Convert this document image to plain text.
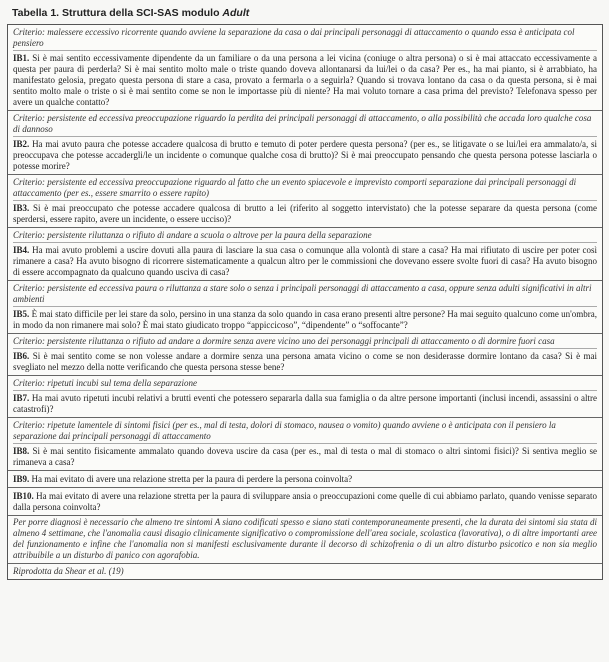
Tabella 1. Struttura della SCI-SAS modulo Adult
Criterio: malessere eccessivo ricorrente quando avviene la separazione da casa o dai principali personaggi di attaccamento o quando essa è anticipata col pensiero
IB1. Si è mai sentito eccessivamente dipendente da un familiare o da una persona a lei vicina (coniuge o altra persona) o si è mai attaccato eccessivamente a questa per paura di perderla? Si è mai sentito molto male o triste quando doveva allontanarsi da lui/lei o da casa? Per es., ha mai pianto, si è arrabbiato, ha manifestato gelosia, pregato questa persona di stare a casa, provato a fermarla o a seguirla? Quando si trovava lontano da casa o da questa persona, si è mai sentito molto male o triste o si è mai sentito come se non le importasse più di niente? Ha mai voluto tornare a casa prima del previsto? Telefonava spesso per avere un qualche contatto?
Criterio: persistente ed eccessiva preoccupazione riguardo la perdita dei principali personaggi di attaccamento, o alla possibilità che accada loro qualche cosa di dannoso
IB2. Ha mai avuto paura che potesse accadere qualcosa di brutto e temuto di poter perdere questa persona? (per es., se litigavate o se lui/lei era ammalato/a, si preoccupava che potesse accadergli/le un incidente o comunque qualche cosa di brutto)? Si è mai preoccupato pensando che questa persona potesse lasciarla o potesse morire?
Criterio: persistente ed eccessiva preoccupazione riguardo al fatto che un evento spiacevole e imprevisto comporti separazione dai principali personaggi di attaccamento (per es., essere smarrito o essere rapito)
IB3. Si è mai preoccupato che potesse accadere qualcosa di brutto a lei (riferito al soggetto intervistato) che la potesse separare da questa persona (come sperdersi, essere rapito, avere un incidente, o essere ucciso)?
Criterio: persistente riluttanza o rifiuto di andare a scuola o altrove per la paura della separazione
IB4. Ha mai avuto problemi a uscire dovuti alla paura di lasciare la sua casa o comunque alla volontà di stare a casa? Ha mai rifiutato di uscire per poter così rimanere a casa? Ha avuto bisogno di ricorrere sistematicamente a qualcun altro per le commissioni che dovevano essere svolte fuori di casa? Ha avuto bisogno di essere accompagnato da qualcuno quando usciva di casa?
Criterio: persistente ed eccessiva paura o riluttanza a stare solo o senza i principali personaggi di attaccamento a casa, oppure senza adulti significativi in altri ambienti
IB5. È mai stato difficile per lei stare da solo, persino in una stanza da solo quando in casa erano presenti altre persone? Ha mai seguito qualcuno come un'ombra, in modo da non rimanere mai solo? È mai stato giudicato troppo “appiccicoso”, “dipendente” o “soffocante”?
Criterio: persistente riluttanza o rifiuto ad andare a dormire senza avere vicino uno dei personaggi principali di attaccamento o di dormire fuori casa
IB6. Si è mai sentito come se non volesse andare a dormire senza una persona amata vicino o come se non desiderasse dormire lontano da casa? Si è mai svegliato nel mezzo della notte verificando che questa persona stesse bene?
Criterio: ripetuti incubi sul tema della separazione
IB7. Ha mai avuto ripetuti incubi relativi a brutti eventi che potessero separarla dalla sua famiglia o da altre persone importanti (inclusi incendi, assassini o altre catastrofi)?
Criterio: ripetute lamentele di sintomi fisici (per es., mal di testa, dolori di stomaco, nausea o vomito) quando avviene o è anticipata con il pensiero la separazione dai principali personaggi di attaccamento
IB8. Si è mai sentito fisicamente ammalato quando doveva uscire da casa (per es., mal di testa o mal di stomaco o altri sintomi fisici)? Si sentiva meglio se rimaneva a casa?
IB9. Ha mai evitato di avere una relazione stretta per la paura di perdere la persona coinvolta?
IB10. Ha mai evitato di avere una relazione stretta per la paura di sviluppare ansia o preoccupazioni come quelle di cui abbiamo parlato, quando venisse separato dalla persona coinvolta?
Per porre diagnosi è necessario che almeno tre sintomi A siano codificati spesso e siano stati contemporaneamente presenti, che la durata dei sintomi sia stata di almeno 4 settimane, che l'anomalia causi disagio clinicamente significativo o compromissione dell'area sociale, scolastica (lavorativa), o di altre importanti aree del funzionamento e infine che l'anomalia non si manifesti esclusivamente durante il decorso di schizofrenia o di un altro disturbo psicotico e non sia meglio attribuibile a un disturbo di panico con agorafobia.
Riprodotta da Shear et al. (19)
